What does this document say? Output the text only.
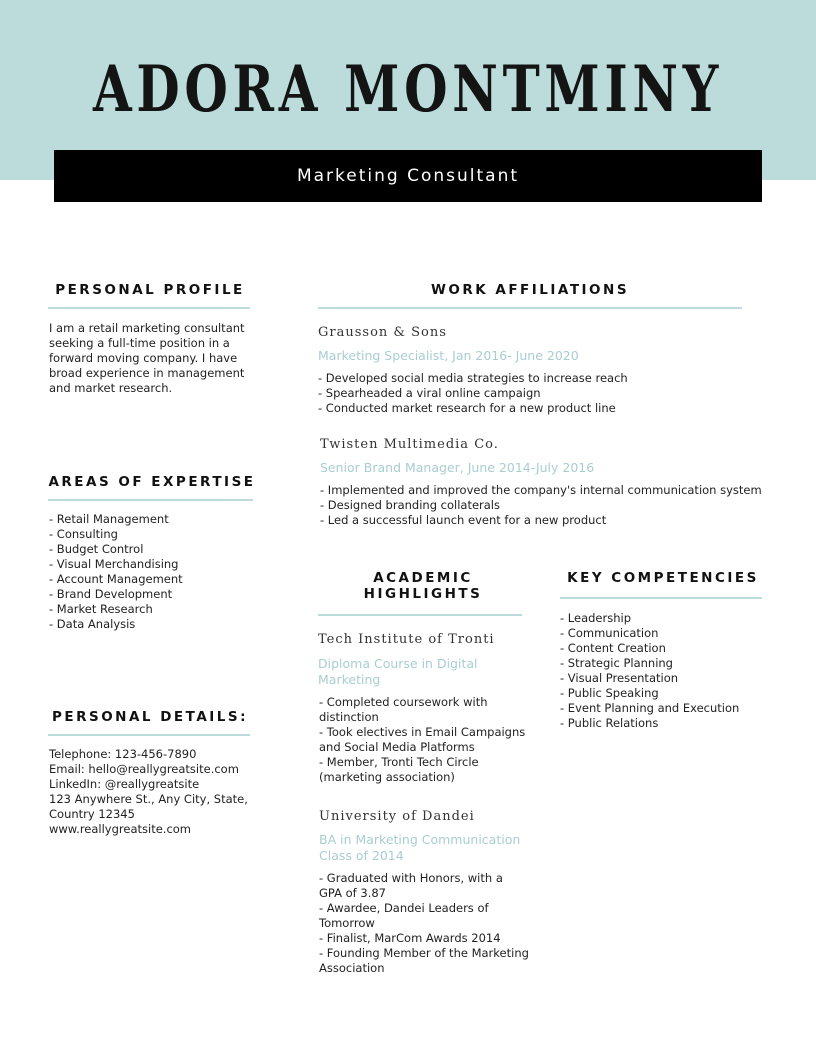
ADORA MONTMINY
Marketing Consultant
PERSONAL PROFILE
I am a retail marketing consultant
seeking a full-time position in a
forward moving company. I have
broad experience in management
and market research.
AREAS OF EXPERTISE
- Retail Management
- Consulting
- Budget Control
- Visual Merchandising
- Account Management
- Brand Development
- Market Research
- Data Analysis
PERSONAL DETAILS:
Telephone: 123-456-7890
Email: hello@reallygreatsite.com
LinkedIn: @reallygreatsite
123 Anywhere St., Any City, State,
Country 12345
www.reallygreatsite.com
WORK AFFILIATIONS
Grausson & Sons
Marketing Specialist, Jan 2016- June 2020
- Developed social media strategies to increase reach
- Spearheaded a viral online campaign
- Conducted market research for a new product line
Twisten Multimedia Co.
Senior Brand Manager, June 2014-July 2016
- Implemented and improved the company's internal communication system
- Designed branding collaterals
- Led a successful launch event for a new product
ACADEMIC
HIGHLIGHTS
Tech Institute of Tronti
Diploma Course in Digital
Marketing
- Completed coursework with
distinction
- Took electives in Email Campaigns
and Social Media Platforms
- Member, Tronti Tech Circle
(marketing association)
University of Dandei
BA in Marketing Communication
Class of 2014
- Graduated with Honors, with a
GPA of 3.87
- Awardee, Dandei Leaders of
Tomorrow
- Finalist, MarCom Awards 2014
- Founding Member of the Marketing
Association
KEY COMPETENCIES
- Leadership
- Communication
- Content Creation
- Strategic Planning
- Visual Presentation
- Public Speaking
- Event Planning and Execution
- Public Relations
